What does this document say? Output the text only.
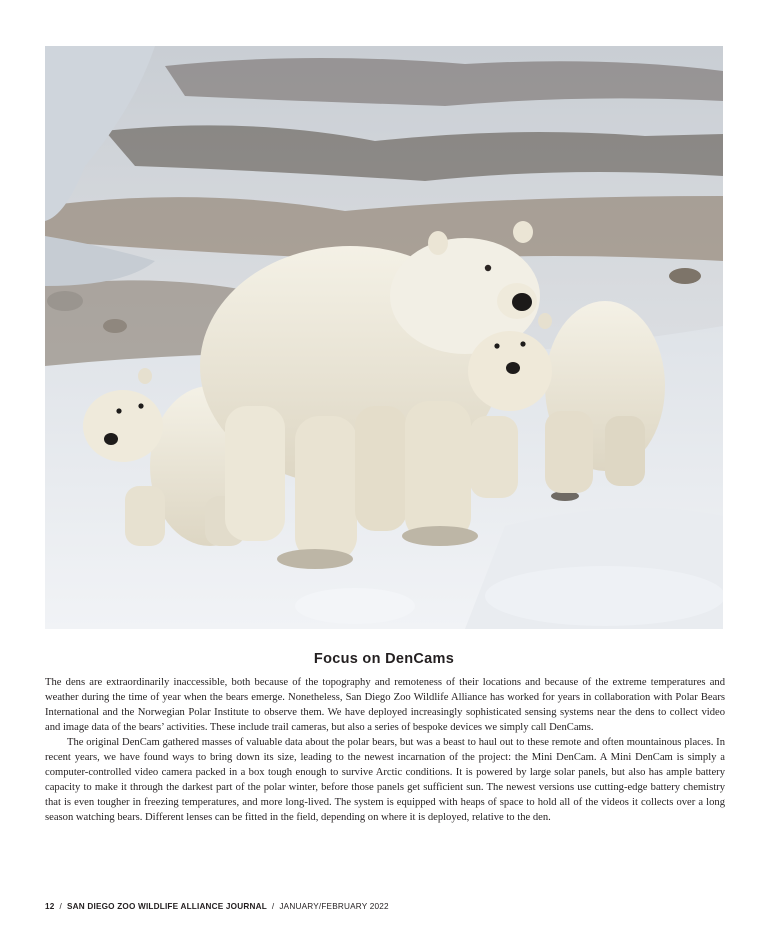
Focus on DenCams

The dens are extraordinarily inaccessible, both because of the topography and remoteness of their locations and because of the extreme temperatures and weather during the time of year when the bears emerge. Nonetheless, San Diego Zoo Wildlife Alliance has worked for years in collaboration with Polar Bears International and the Norwegian Polar Institute to observe them. We have deployed increasingly sophisticated sensing systems near the dens to collect video and image data of the bears’ activities. These include trail cameras, but also a series of bespoke devices we simply call DenCams.

The original DenCam gathered masses of valuable data about the polar bears, but was a beast to haul out to these remote and often mountainous places. In recent years, we have found ways to bring down its size, leading to the newest incarnation of the project: the Mini DenCam. A Mini DenCam is simply a computer-controlled video camera packed in a box tough enough to survive Arctic conditions. It is powered by large solar panels, but also has ample battery capacity to make it through the darkest part of the polar winter, before those panels get sufficient sun. The newest versions use cutting-edge battery chemistry that is even tougher in freezing temperatures, and more long-lived. The system is equipped with heaps of space to hold all of the videos it collects over a long season watching bears. Different lenses can be fitted in the field, depending on where it is deployed, relative to the den.

12 / SAN DIEGO ZOO WILDLIFE ALLIANCE JOURNAL / JANUARY/FEBRUARY 2022
